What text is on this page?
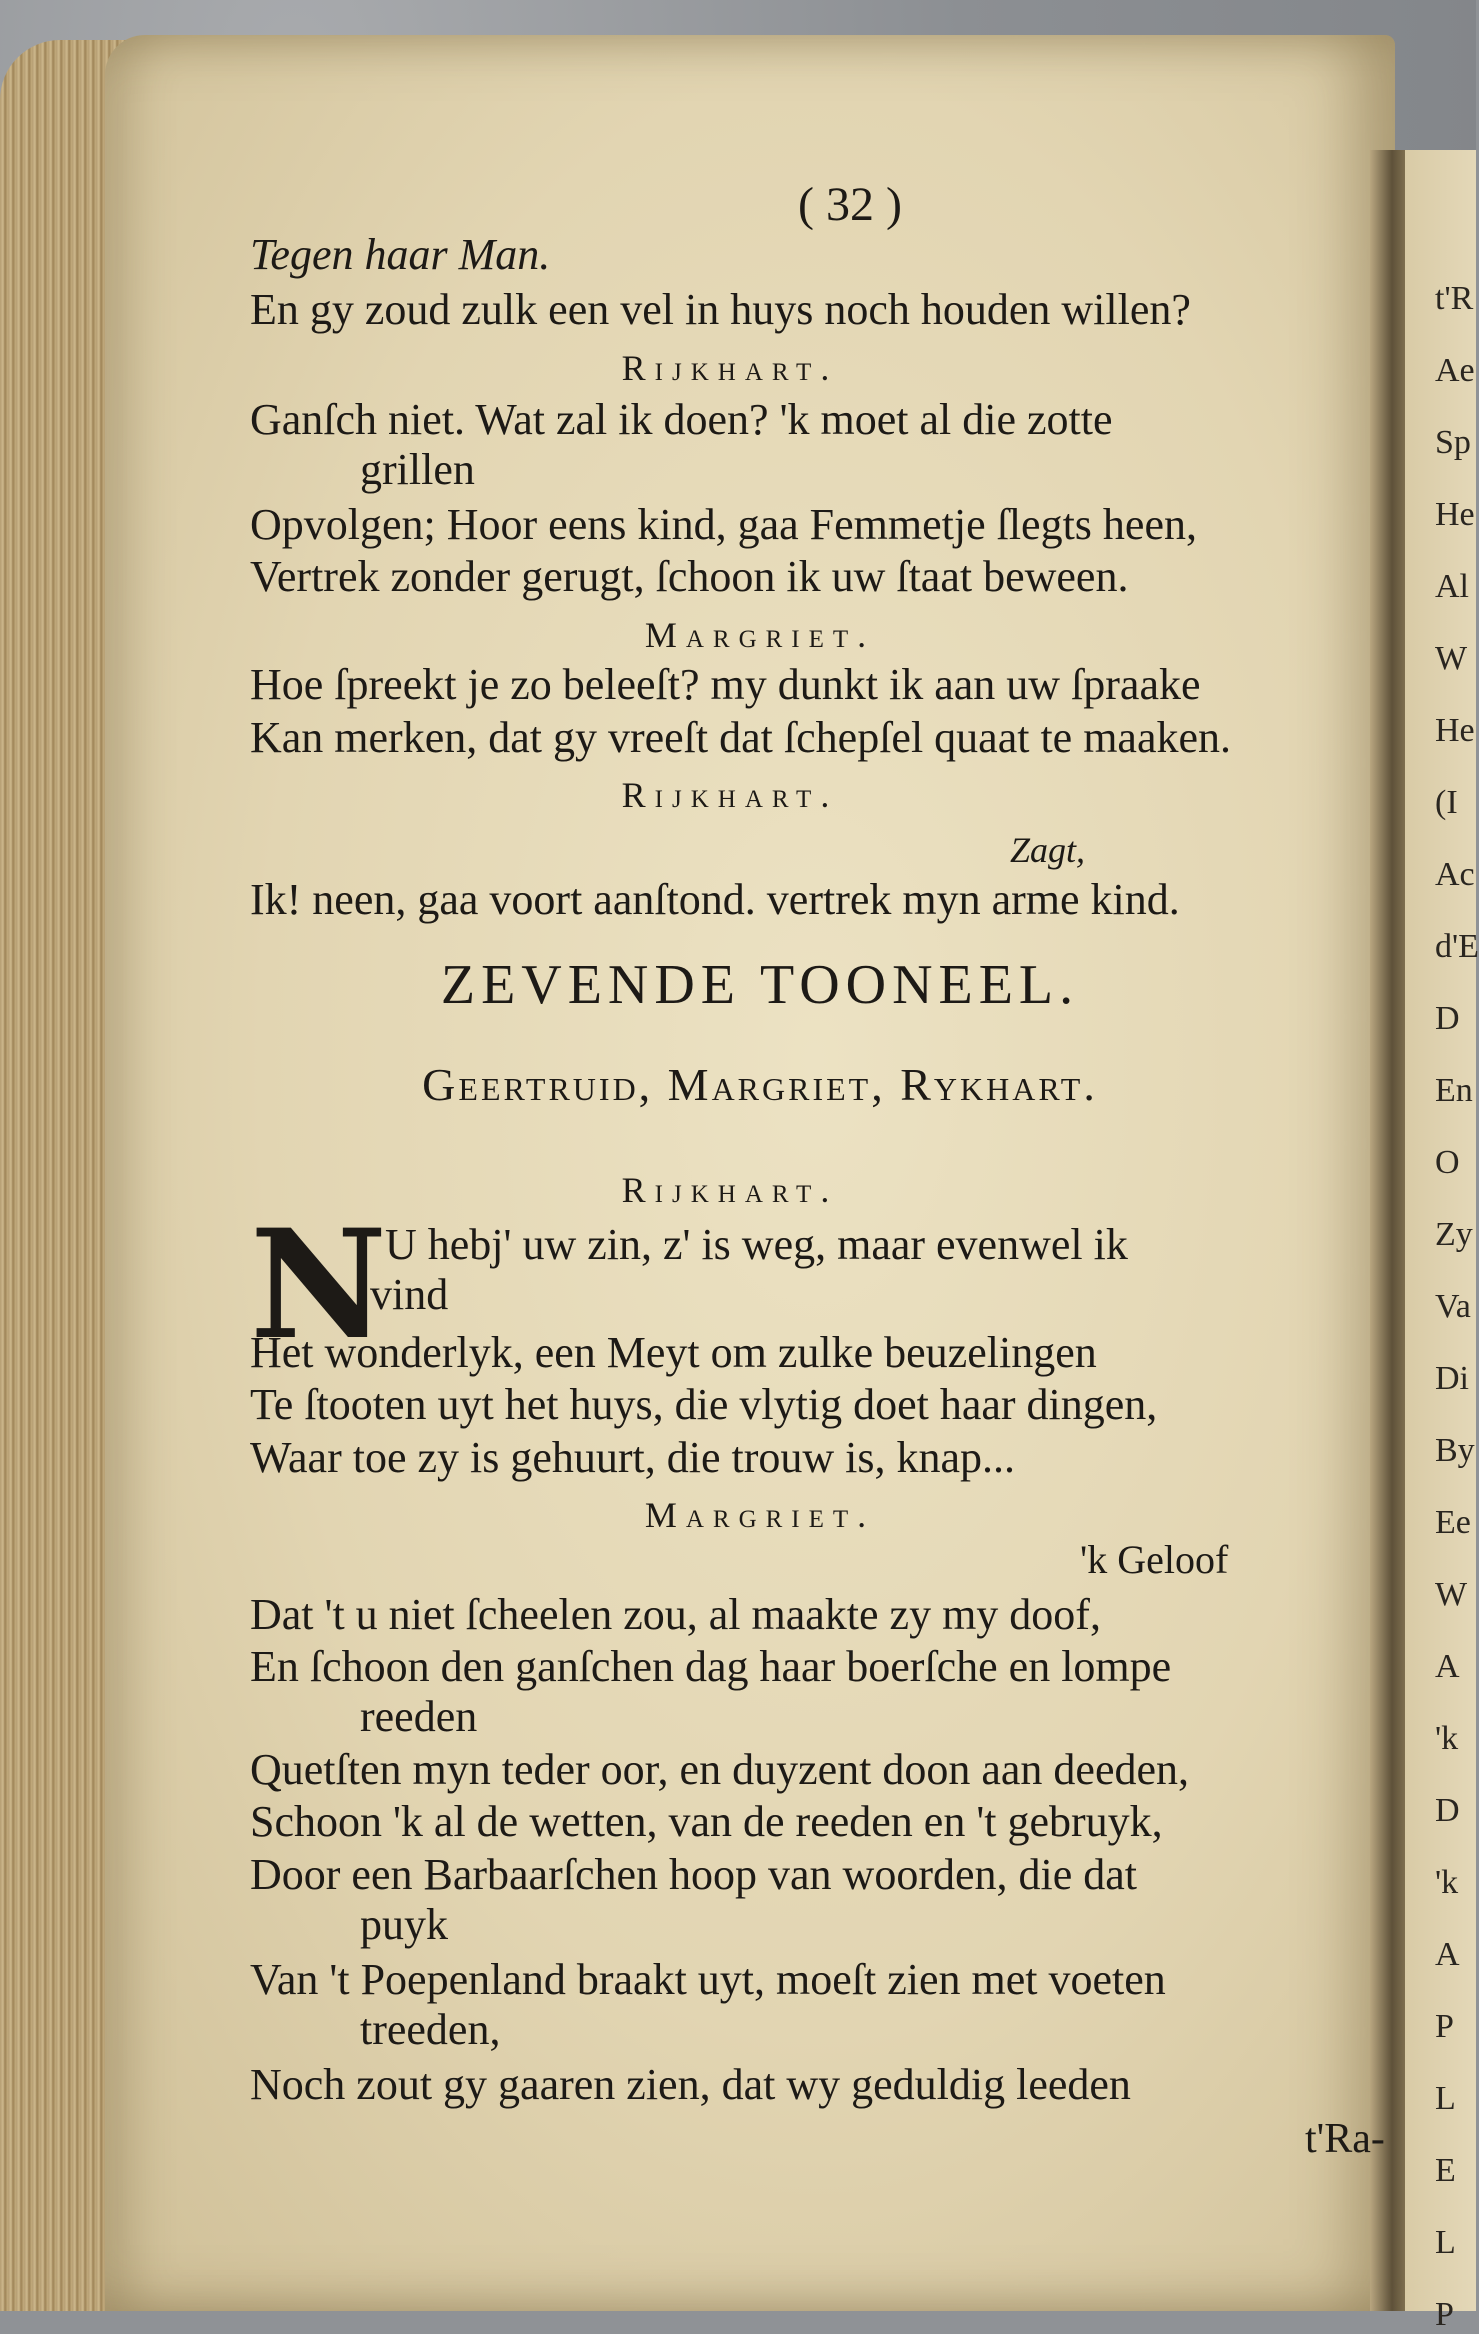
t'R
Ae
Sp
He
Al
W
He
(I
Ac
d'E
D
En
O
Zy
Va
Di
By
Ee
W
A
'k
D
'k
A
P
L
E
L
P
( 32 )
Tegen haar Man.
En gy zoud zulk een vel in huys noch houden willen?
Rijkhart.
Ganſch niet. Wat zal ik doen? 'k moet al die zotte
grillen
Opvolgen; Hoor eens kind, gaa Femmetje ſlegts heen,
Vertrek zonder gerugt, ſchoon ik uw ſtaat beween.
Margriet.
Hoe ſpreekt je zo beleeſt? my dunkt ik aan uw ſpraake
Kan merken, dat gy vreeſt dat ſchepſel quaat te maaken.
Rijkhart.
Zagt,
Ik! neen, gaa voort aanſtond. vertrek myn arme kind.
ZEVENDE TOONEEL.
Geertruid, Margriet, Rykhart.
Rijkhart.
N
U hebj' uw zin, z' is weg, maar evenwel ik
vind
Het wonderlyk, een Meyt om zulke beuzelingen
Te ſtooten uyt het huys, die vlytig doet haar dingen,
Waar toe zy is gehuurt, die trouw is, knap...
Margriet.
'k Geloof
Dat 't u niet ſcheelen zou, al maakte zy my doof,
En ſchoon den ganſchen dag haar boerſche en lompe
reeden
Quetſten myn teder oor, en duyzent doon aan deeden,
Schoon 'k al de wetten, van de reeden en 't gebruyk,
Door een Barbaarſchen hoop van woorden, die dat
puyk
Van 't Poepenland braakt uyt, moeſt zien met voeten
treeden,
Noch zout gy gaaren zien, dat wy geduldig leeden
t'Ra-
